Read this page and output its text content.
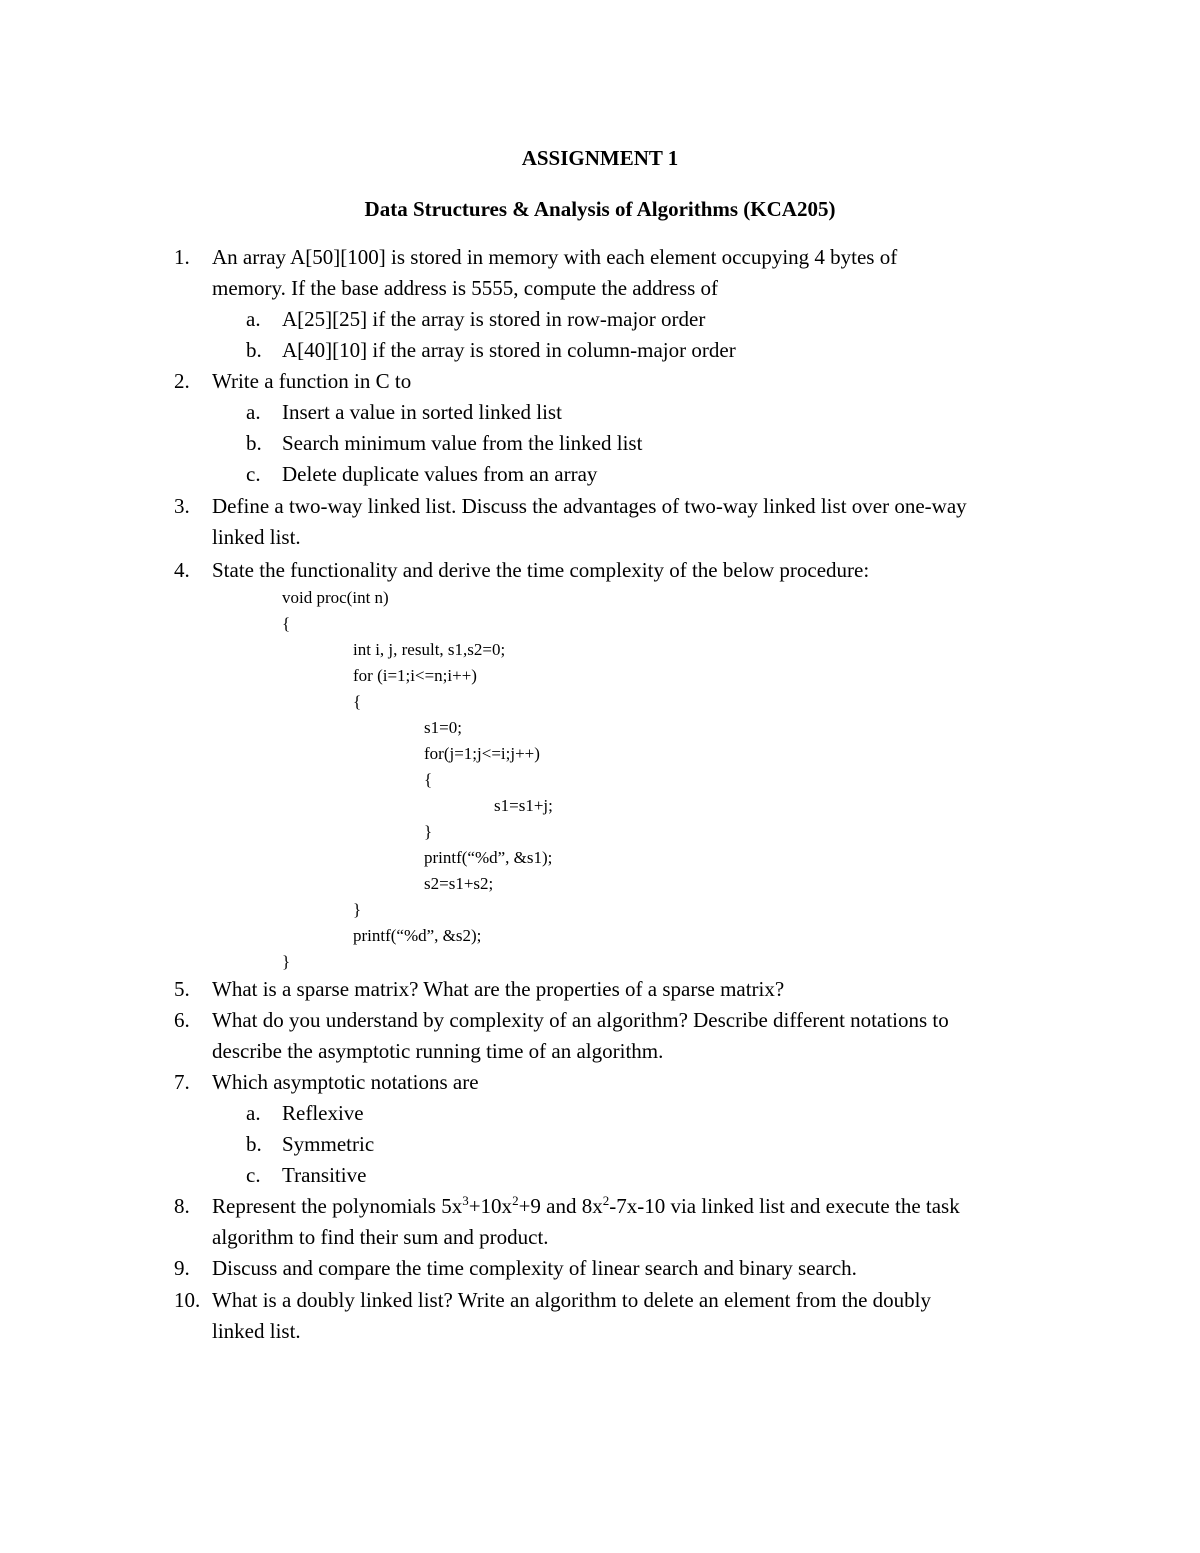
ASSIGNMENT 1
Data Structures & Analysis of Algorithms (KCA205)
1. An array A[50][100] is stored in memory with each element occupying 4 bytes of
memory. If the base address is 5555, compute the address of
a. A[25][25] if the array is stored in row-major order
b. A[40][10] if the array is stored in column-major order
2. Write a function in C to
a. Insert a value in sorted linked list
b. Search minimum value from the linked list
c. Delete duplicate values from an array
3. Define a two-way linked list. Discuss the advantages of two-way linked list over one-way
linked list.
4. State the functionality and derive the time complexity of the below procedure:
void proc(int n)
{
int i, j, result, s1,s2=0;
for (i=1;i<=n;i++)
{
s1=0;
for(j=1;j<=i;j++)
{
s1=s1+j;
}
printf(“%d”, &s1);
s2=s1+s2;
}
printf(“%d”, &s2);
}
5. What is a sparse matrix? What are the properties of a sparse matrix?
6. What do you understand by complexity of an algorithm? Describe different notations to
describe the asymptotic running time of an algorithm.
7. Which asymptotic notations are
a. Reflexive
b. Symmetric
c. Transitive
8. Represent the polynomials $5x^3+10x^2+9$ and $8x^2-7x-10$ via linked list and execute the task
algorithm to find their sum and product.
9. Discuss and compare the time complexity of linear search and binary search.
10. What is a doubly linked list? Write an algorithm to delete an element from the doubly
linked list.
